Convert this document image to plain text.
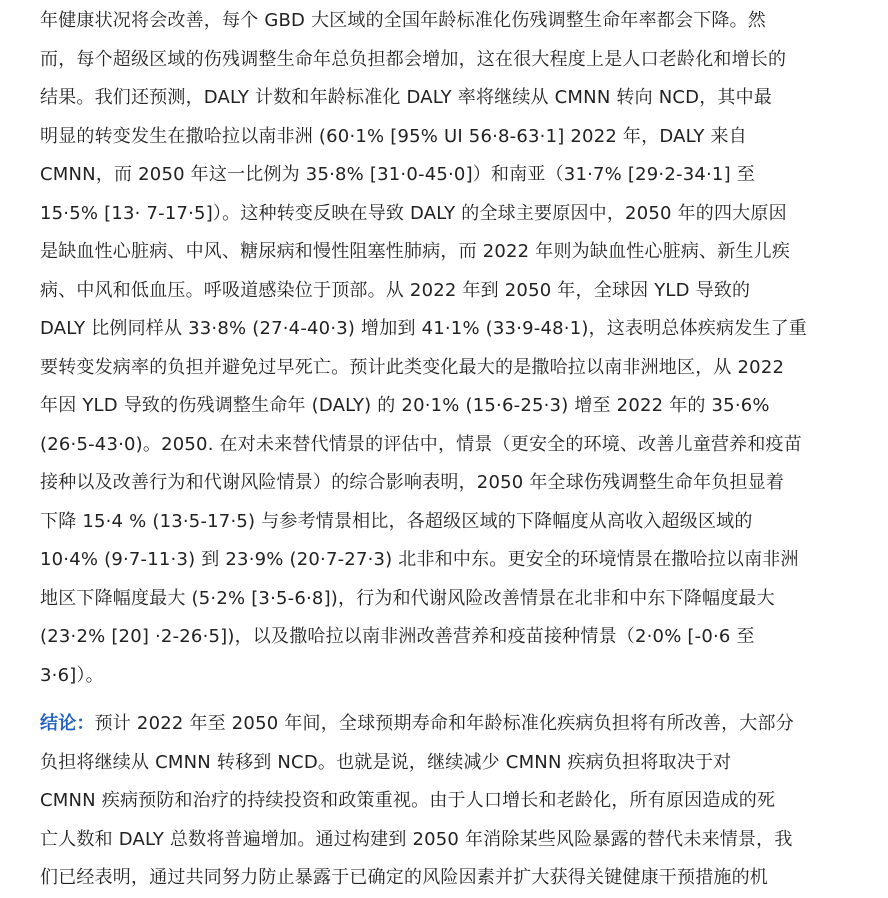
年健康状况将会改善，每个 GBD 大区域的全国年龄标准化伤残调整生命年率都会下降。然
而，每个超级区域的伤残调整生命年总负担都会增加，这在很大程度上是人口老龄化和增长的
结果。我们还预测，DALY 计数和年龄标准化 DALY 率将继续从 CMNN 转向 NCD，其中最
明显的转变发生在撒哈拉以南非洲 (60·1% [95% UI 56·8-63·1] 2022 年，DALY 来自
CMNN，而 2050 年这一比例为 35·8% [31·0-45·0]）和南亚（31·7% [29·2-34·1] 至
15·5% [13· 7-17·5]）。这种转变反映在导致 DALY 的全球主要原因中，2050 年的四大原因
是缺血性心脏病、中风、糖尿病和慢性阻塞性肺病，而 2022 年则为缺血性心脏病、新生儿疾
病、中风和低血压。呼吸道感染位于顶部。从 2022 年到 2050 年，全球因 YLD 导致的
DALY 比例同样从 33·8% (27·4-40·3) 增加到 41·1% (33·9-48·1)，这表明总体疾病发生了重
要转变发病率的负担并避免过早死亡。预计此类变化最大的是撒哈拉以南非洲地区，从 2022
年因 YLD 导致的伤残调整生命年 (DALY) 的 20·1% (15·6-25·3) 增至 2022 年的 35·6%
(26·5-43·0)。2050. 在对未来替代情景的评估中，情景（更安全的环境、改善儿童营养和疫苗
接种以及改善行为和代谢风险情景）的综合影响表明，2050 年全球伤残调整生命年负担显着
下降 15·4 % (13·5-17·5) 与参考情景相比，各超级区域的下降幅度从高收入超级区域的
10·4% (9·7-11·3) 到 23·9% (20·7-27·3) 北非和中东。更安全的环境情景在撒哈拉以南非洲
地区下降幅度最大 (5·2% [3·5-6·8])，行为和代谢风险改善情景在北非和中东下降幅度最大
(23·2% [20] ·2-26·5])，以及撒哈拉以南非洲改善营养和疫苗接种情景（2·0% [-0·6 至
3·6]）。
结论：预计 2022 年至 2050 年间，全球预期寿命和年龄标准化疾病负担将有所改善，大部分
负担将继续从 CMNN 转移到 NCD。也就是说，继续减少 CMNN 疾病负担将取决于对
CMNN 疾病预防和治疗的持续投资和政策重视。由于人口增长和老龄化，所有原因造成的死
亡人数和 DALY 总数将普遍增加。通过构建到 2050 年消除某些风险暴露的替代未来情景，我
们已经表明，通过共同努力防止暴露于已确定的风险因素并扩大获得关键健康干预措施的机
